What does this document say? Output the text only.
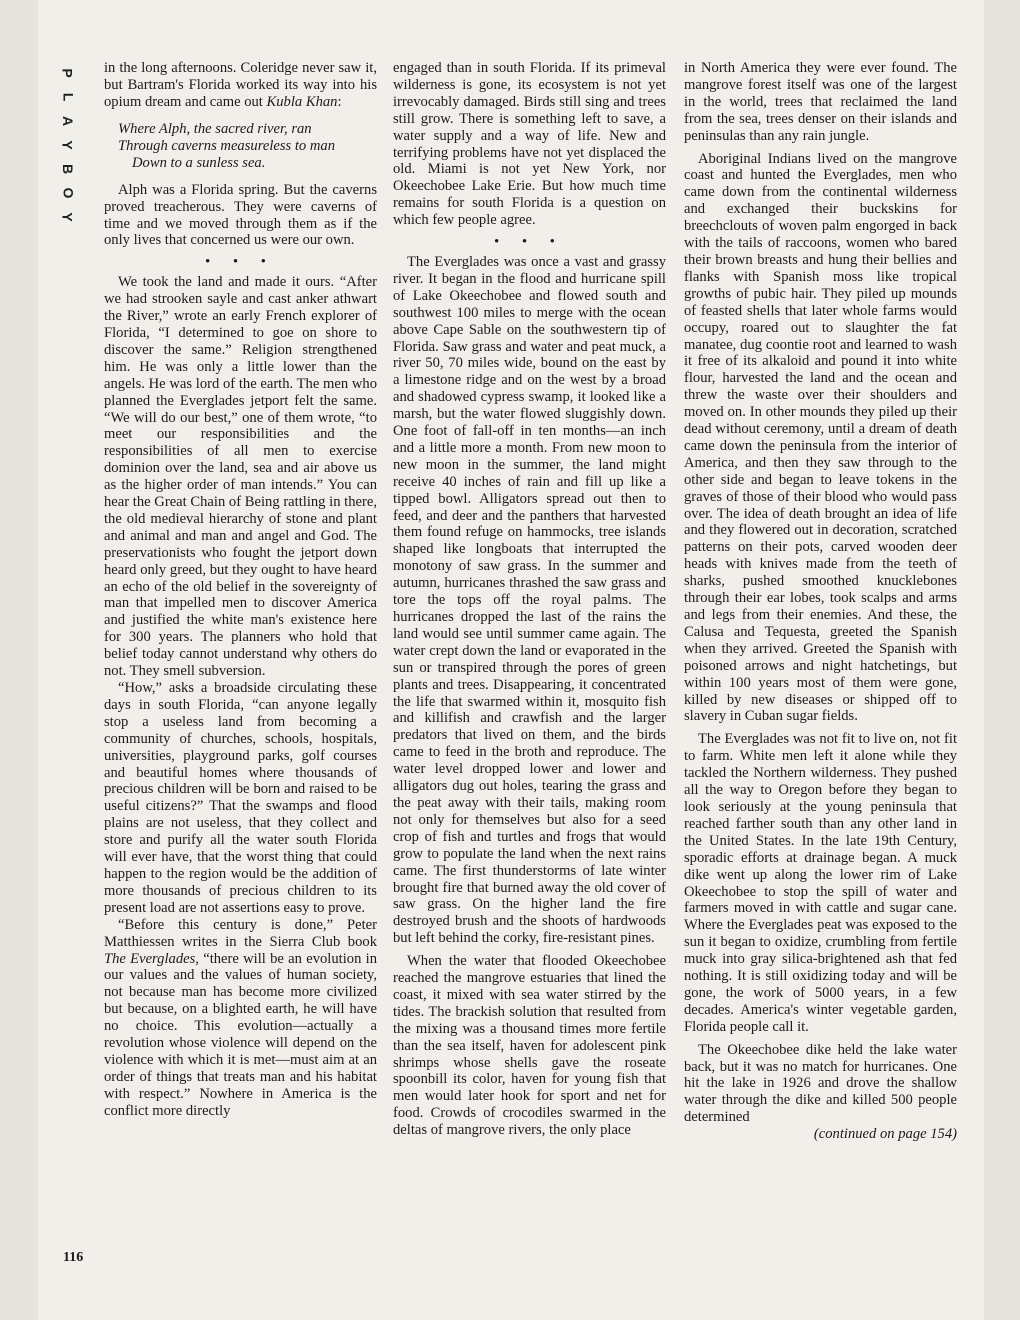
P
L
A
Y
B
O
Y

in the long afternoons. Coleridge never saw it, but Bartram's Florida worked its way into his opium dream and came out Kubla Khan:

Where Alph, the sacred river, ran
Through caverns measureless to man
Down to a sunless sea.

Alph was a Florida spring. But the caverns proved treacherous. They were caverns of time and we moved through them as if the only lives that concerned us were our own.

• • •

We took the land and made it ours. “After we had strooken sayle and cast anker athwart the River,” wrote an early French explorer of Florida, “I determined to goe on shore to discover the same.” Religion strengthened him. He was only a little lower than the angels. He was lord of the earth. The men who planned the Everglades jetport felt the same. “We will do our best,” one of them wrote, “to meet our responsibilities and the responsibilities of all men to exercise dominion over the land, sea and air above us as the higher order of man intends.” You can hear the Great Chain of Being rattling in there, the old medieval hierarchy of stone and plant and animal and man and angel and God. The preservationists who fought the jetport down heard only greed, but they ought to have heard an echo of the old belief in the sovereignty of man that impelled men to discover America and justified the white man's existence here for 300 years. The planners who hold that belief today cannot understand why others do not. They smell subversion.

“How,” asks a broadside circulating these days in south Florida, “can anyone legally stop a useless land from becoming a community of churches, schools, hospitals, universities, playground parks, golf courses and beautiful homes where thousands of precious children will be born and raised to be useful citizens?” That the swamps and flood plains are not useless, that they collect and store and purify all the water south Florida will ever have, that the worst thing that could happen to the region would be the addition of more thousands of precious children to its present load are not assertions easy to prove.

“Before this century is done,” Peter Matthiessen writes in the Sierra Club book The Everglades, “there will be an evolution in our values and the values of human society, not because man has become more civilized but because, on a blighted earth, he will have no choice. This evolution—actually a revolution whose violence will depend on the violence with which it is met—must aim at an order of things that treats man and his habitat with respect.” Nowhere in America is the conflict more directly

engaged than in south Florida. If its primeval wilderness is gone, its ecosystem is not yet irrevocably damaged. Birds still sing and trees still grow. There is something left to save, a water supply and a way of life. New and terrifying problems have not yet displaced the old. Miami is not yet New York, nor Okeechobee Lake Erie. But how much time remains for south Florida is a question on which few people agree.

• • •

The Everglades was once a vast and grassy river. It began in the flood and hurricane spill of Lake Okeechobee and flowed south and southwest 100 miles to merge with the ocean above Cape Sable on the southwestern tip of Florida. Saw grass and water and peat muck, a river 50, 70 miles wide, bound on the east by a limestone ridge and on the west by a broad and shadowed cypress swamp, it looked like a marsh, but the water flowed sluggishly down. One foot of fall-off in ten months—an inch and a little more a month. From new moon to new moon in the summer, the land might receive 40 inches of rain and fill up like a tipped bowl. Alligators spread out then to feed, and deer and the panthers that harvested them found refuge on hammocks, tree islands shaped like longboats that interrupted the monotony of saw grass. In the summer and autumn, hurricanes thrashed the saw grass and tore the tops off the royal palms. The hurricanes dropped the last of the rains the land would see until summer came again. The water crept down the land or evaporated in the sun or transpired through the pores of green plants and trees. Disappearing, it concentrated the life that swarmed within it, mosquito fish and killifish and crawfish and the larger predators that lived on them, and the birds came to feed in the broth and reproduce. The water level dropped lower and lower and alligators dug out holes, tearing the grass and the peat away with their tails, making room not only for themselves but also for a seed crop of fish and turtles and frogs that would grow to populate the land when the next rains came. The first thunderstorms of late winter brought fire that burned away the old cover of saw grass. On the higher land the fire destroyed brush and the shoots of hardwoods but left behind the corky, fire-resistant pines.

When the water that flooded Okeechobee reached the mangrove estuaries that lined the coast, it mixed with sea water stirred by the tides. The brackish solution that resulted from the mixing was a thousand times more fertile than the sea itself, haven for adolescent pink shrimps whose shells gave the roseate spoonbill its color, haven for young fish that men would later hook for sport and net for food. Crowds of crocodiles swarmed in the deltas of mangrove rivers, the only place

in North America they were ever found. The mangrove forest itself was one of the largest in the world, trees that reclaimed the land from the sea, trees denser on their islands and peninsulas than any rain jungle.

Aboriginal Indians lived on the mangrove coast and hunted the Everglades, men who came down from the continental wilderness and exchanged their buckskins for breechclouts of woven palm engorged in back with the tails of raccoons, women who bared their brown breasts and hung their bellies and flanks with Spanish moss like tropical growths of pubic hair. They piled up mounds of feasted shells that later whole farms would occupy, roared out to slaughter the fat manatee, dug coontie root and learned to wash it free of its alkaloid and pound it into white flour, harvested the land and the ocean and threw the waste over their shoulders and moved on. In other mounds they piled up their dead without ceremony, until a dream of death came down the peninsula from the interior of America, and then they saw through to the other side and began to leave tokens in the graves of those of their blood who would pass over. The idea of death brought an idea of life and they flowered out in decoration, scratched patterns on their pots, carved wooden deer heads with knives made from the teeth of sharks, pushed smoothed knucklebones through their ear lobes, took scalps and arms and legs from their enemies. And these, the Calusa and Tequesta, greeted the Spanish when they arrived. Greeted the Spanish with poisoned arrows and night hatchetings, but within 100 years most of them were gone, killed by new diseases or shipped off to slavery in Cuban sugar fields.

The Everglades was not fit to live on, not fit to farm. White men left it alone while they tackled the Northern wilderness. They pushed all the way to Oregon before they began to look seriously at the young peninsula that reached farther south than any other land in the United States. In the late 19th Century, sporadic efforts at drainage began. A muck dike went up along the lower rim of Lake Okeechobee to stop the spill of water and farmers moved in with cattle and sugar cane. Where the Everglades peat was exposed to the sun it began to oxidize, crumbling from fertile muck into gray silica-brightened ash that fed nothing. It is still oxidizing today and will be gone, the work of 5000 years, in a few decades. America's winter vegetable garden, Florida people call it.

The Okeechobee dike held the lake water back, but it was no match for hurricanes. One hit the lake in 1926 and drove the shallow water through the dike and killed 500 people determined

(continued on page 154)
116
